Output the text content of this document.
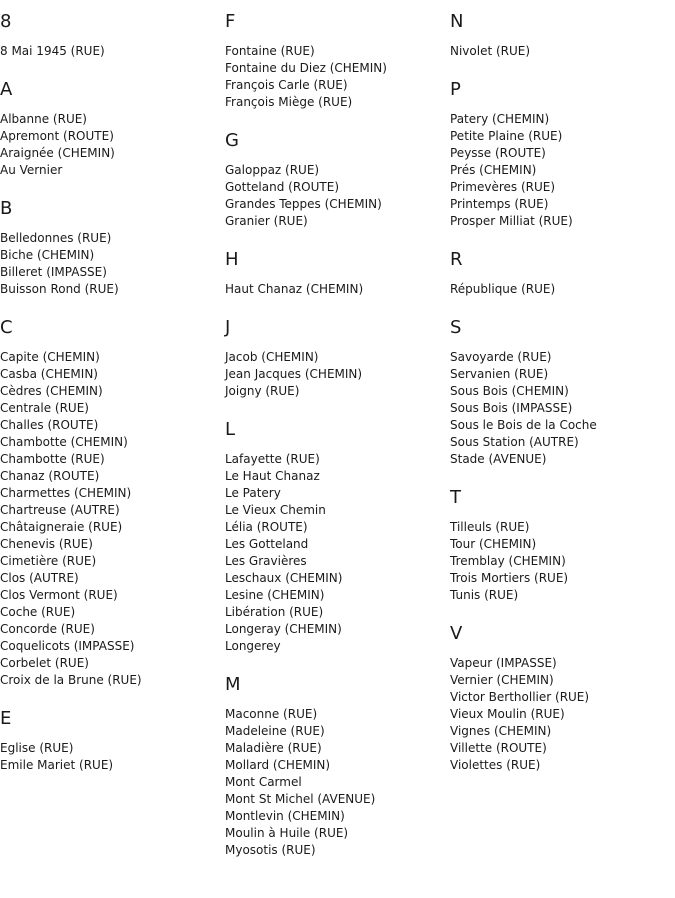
8
8 Mai 1945 (RUE)
A
Albanne (RUE)
Apremont (ROUTE)
Araignée (CHEMIN)
Au Vernier
B
Belledonnes (RUE)
Biche (CHEMIN)
Billeret (IMPASSE)
Buisson Rond (RUE)
C
Capite (CHEMIN)
Casba (CHEMIN)
Cèdres (CHEMIN)
Centrale (RUE)
Challes (ROUTE)
Chambotte (CHEMIN)
Chambotte (RUE)
Chanaz (ROUTE)
Charmettes (CHEMIN)
Chartreuse (AUTRE)
Châtaigneraie (RUE)
Chenevis (RUE)
Cimetière (RUE)
Clos (AUTRE)
Clos Vermont (RUE)
Coche (RUE)
Concorde (RUE)
Coquelicots (IMPASSE)
Corbelet (RUE)
Croix de la Brune (RUE)
E
Eglise (RUE)
Emile Mariet (RUE)
F
Fontaine (RUE)
Fontaine du Diez (CHEMIN)
François Carle (RUE)
François Miège (RUE)
G
Galoppaz (RUE)
Gotteland (ROUTE)
Grandes Teppes (CHEMIN)
Granier (RUE)
H
Haut Chanaz (CHEMIN)
J
Jacob (CHEMIN)
Jean Jacques (CHEMIN)
Joigny (RUE)
L
Lafayette (RUE)
Le Haut Chanaz
Le Patery
Le Vieux Chemin
Lélia (ROUTE)
Les Gotteland
Les Gravières
Leschaux (CHEMIN)
Lesine (CHEMIN)
Libération (RUE)
Longeray (CHEMIN)
Longerey
M
Maconne (RUE)
Madeleine (RUE)
Maladière (RUE)
Mollard (CHEMIN)
Mont Carmel
Mont St Michel (AVENUE)
Montlevin (CHEMIN)
Moulin à Huile (RUE)
Myosotis (RUE)
N
Nivolet (RUE)
P
Patery (CHEMIN)
Petite Plaine (RUE)
Peysse (ROUTE)
Prés (CHEMIN)
Primevères (RUE)
Printemps (RUE)
Prosper Milliat (RUE)
R
République (RUE)
S
Savoyarde (RUE)
Servanien (RUE)
Sous Bois (CHEMIN)
Sous Bois (IMPASSE)
Sous le Bois de la Coche
Sous Station (AUTRE)
Stade (AVENUE)
T
Tilleuls (RUE)
Tour (CHEMIN)
Tremblay (CHEMIN)
Trois Mortiers (RUE)
Tunis (RUE)
V
Vapeur (IMPASSE)
Vernier (CHEMIN)
Victor Berthollier (RUE)
Vieux Moulin (RUE)
Vignes (CHEMIN)
Villette (ROUTE)
Violettes (RUE)
